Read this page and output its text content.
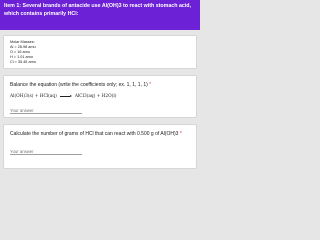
Item 1: Several brands of antacide use Al(OH)3 to react with stomach acid, which contains primarily HCl:
Molar Masses:
Al = 26.98 amu
O = 16 amu
H = 1.01 amu
Cl = 35.45 amu
Balance the equation (write the coefficients only; ex. 1, 1, 1, 1) *
Al(OH)3(s) + HCl(aq)	AlCl3(aq) + H2O(l)
Your answer
Calculate the number of grams of HCl that can react with 0.500 g of Al(OH)3 *
Your answer
